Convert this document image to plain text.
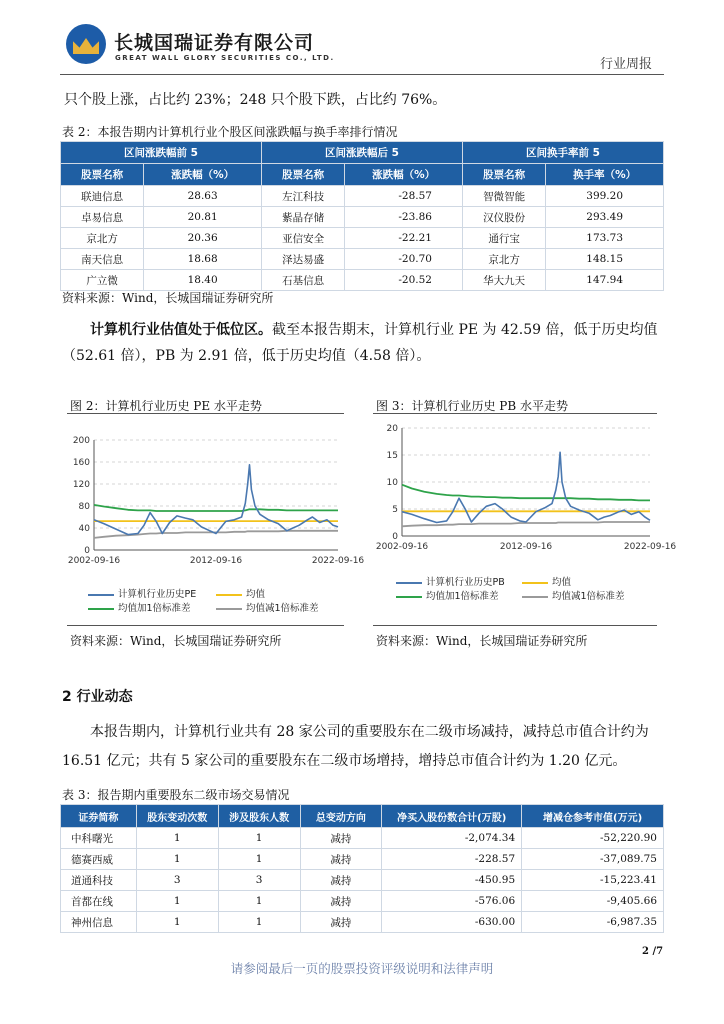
长城国瑞证券有限公司
GREAT WALL GLORY SECURITIES CO., LTD.	行业周报
只个股上涨，占比约 23%；248 只个股下跌，占比约 76%。
表 2：本报告期内计算机行业个股区间涨跌幅与换手率排行情况
区间涨跌幅前 5		区间涨跌幅后 5		区间换手率前 5	
股票名称	涨跌幅（%）	股票名称	涨跌幅（%）	股票名称	换手率（%）
联迪信息	28.63	左江科技	-28.57	智微智能	399.20
卓易信息	20.81	紫晶存储	-23.86	汉仪股份	293.49
京北方	20.36	亚信安全	-22.21	通行宝	173.73
南天信息	18.68	泽达易盛	-20.70	京北方	148.15
广立微	18.40	石基信息	-20.52	华大九天	147.94
资料来源：Wind，长城国瑞证券研究所
计算机行业估值处于低位区。截至本报告期末，计算机行业 PE 为 42.59 倍，低于历史均值
（52.61 倍），PB 为 2.91 倍，低于历史均值（4.58 倍）。
图 2：计算机行业历史 PE 水平走势
0
40
80
120
160
200
2002-09-16	2012-09-16	2022-09-16
计算机行业历史PE	均值
均值加1倍标准差	均值减1倍标准差
资料来源：Wind，长城国瑞证券研究所
图 3：计算机行业历史 PB 水平走势
0
5
10
15
20
2002-09-16	2012-09-16	2022-09-16
计算机行业历史PB	均值
均值加1倍标准差	均值减1倍标准差
资料来源：Wind，长城国瑞证券研究所
2 行业动态
本报告期内，计算机行业共有 28 家公司的重要股东在二级市场减持，减持总市值合计约为
16.51 亿元；共有 5 家公司的重要股东在二级市场增持，增持总市值合计约为 1.20 亿元。
表 3：报告期内重要股东二级市场交易情况
证券简称	股东变动次数	涉及股东人数	总变动方向	净买入股份数合计(万股)	增减仓参考市值(万元)
中科曙光	1	1	减持	-2,074.34	-52,220.90
德赛西威	1	1	减持	-228.57	-37,089.75
道通科技	3	3	减持	-450.95	-15,223.41
首都在线	1	1	减持	-576.06	-9,405.66
神州信息	1	1	减持	-630.00	-6,987.35
2 /7
请参阅最后一页的股票投资评级说明和法律声明
